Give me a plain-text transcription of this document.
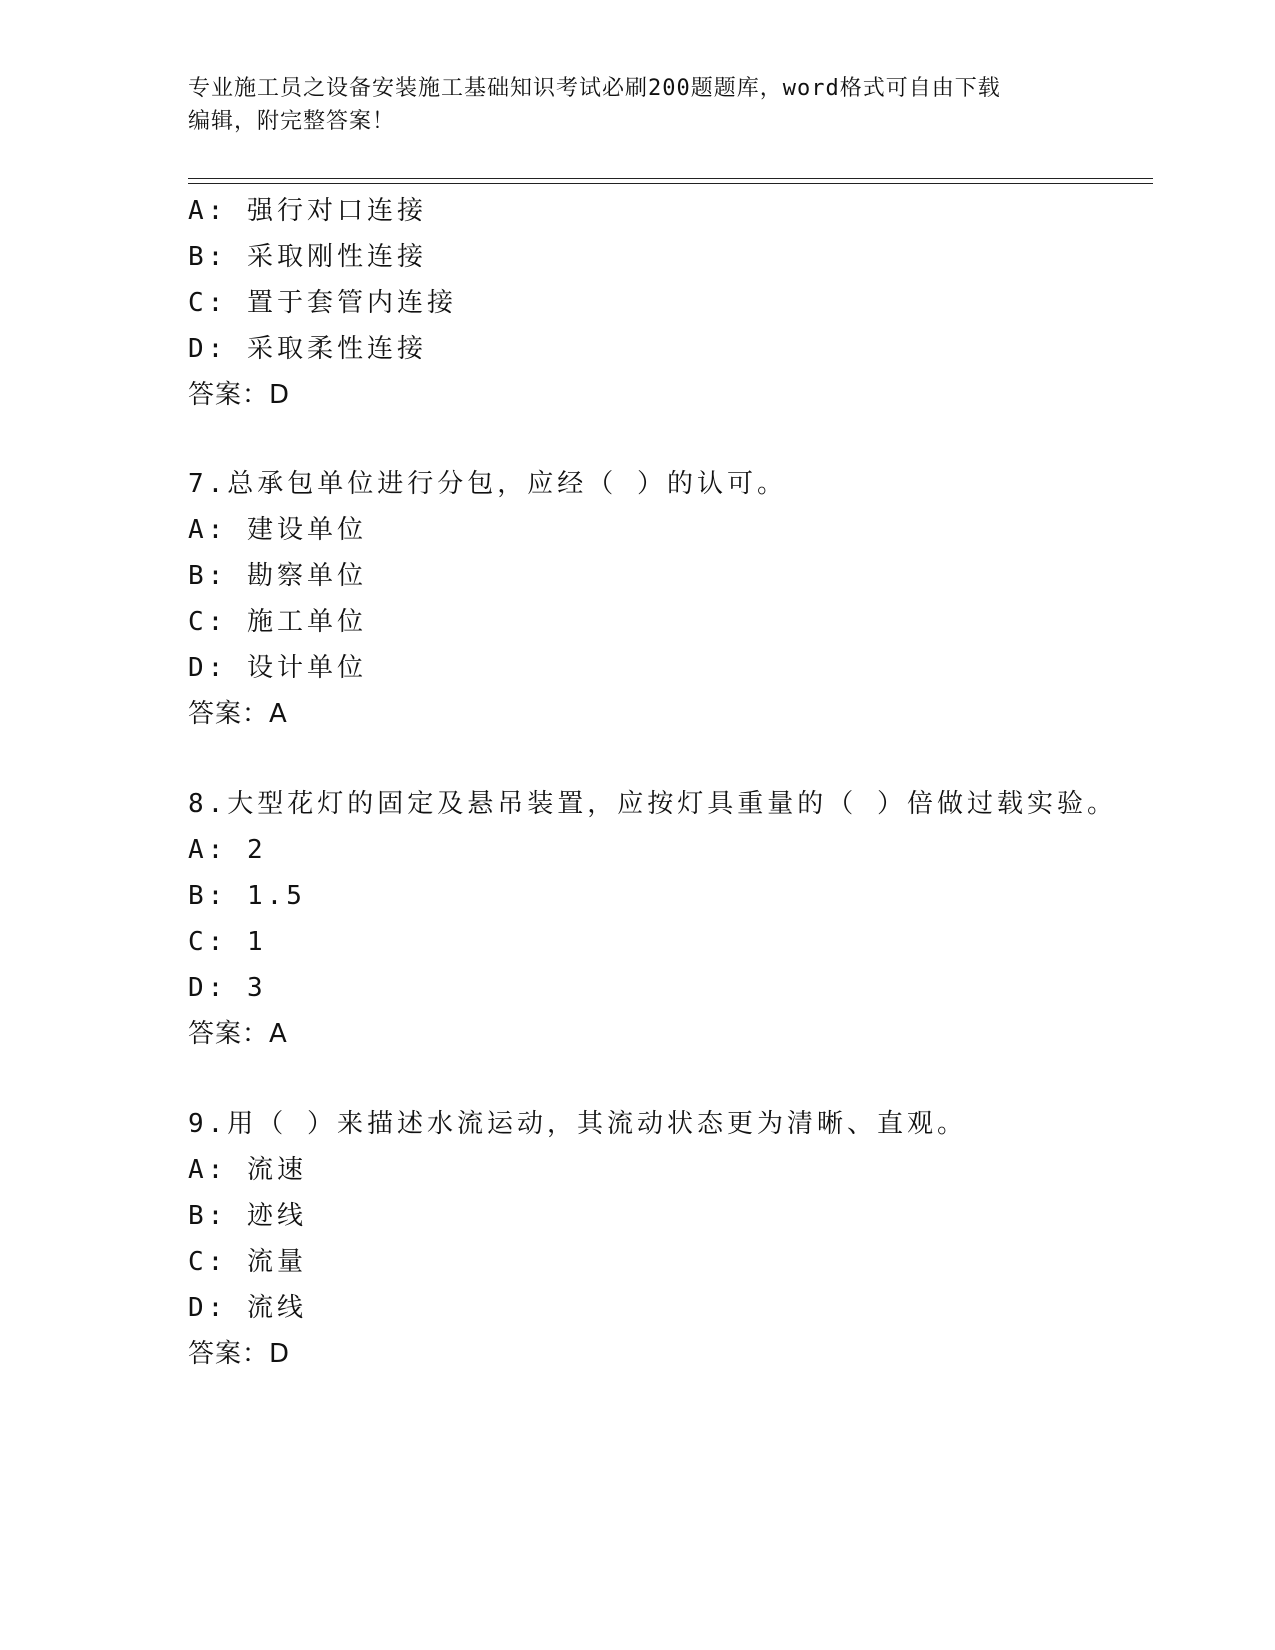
专业施工员之设备安装施工基础知识考试必刷200题题库，word格式可自由下载
编辑，附完整答案！
A: 强行对口连接
B: 采取刚性连接
C: 置于套管内连接
D: 采取柔性连接
答案：D
7.总承包单位进行分包，应经（ ）的认可。
A: 建设单位
B: 勘察单位
C: 施工单位
D: 设计单位
答案：A
8.大型花灯的固定及悬吊装置，应按灯具重量的（ ）倍做过载实验。
A: 2
B: 1.5
C: 1
D: 3
答案：A
9.用（ ）来描述水流运动，其流动状态更为清晰、直观。
A: 流速
B: 迹线
C: 流量
D: 流线
答案：D
